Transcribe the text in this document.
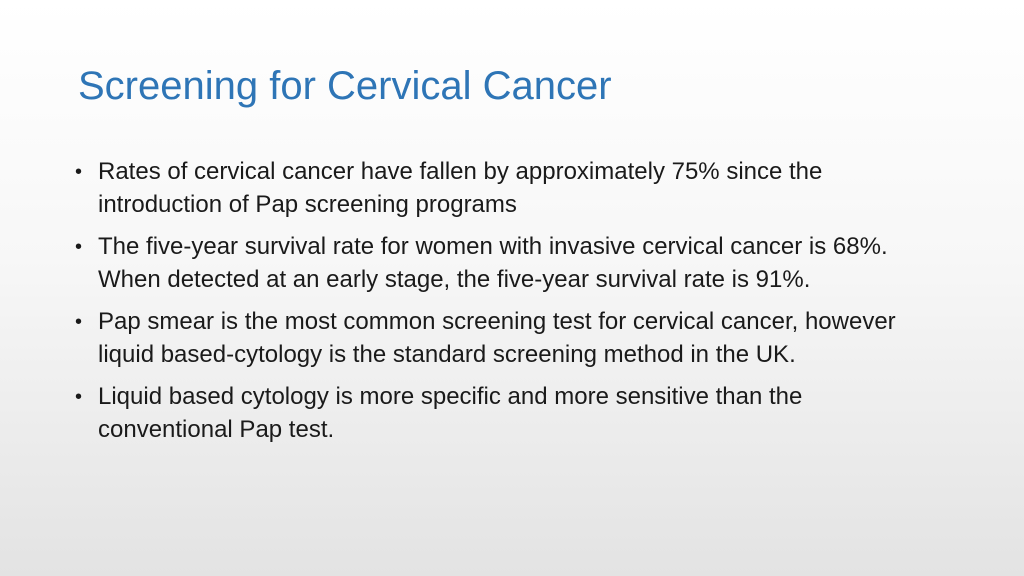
Screening for Cervical Cancer
• Rates of cervical cancer have fallen by approximately 75% since the introduction of Pap screening programs
• The five-year survival rate for women with invasive cervical cancer is 68%. When detected at an early stage, the five-year survival rate is 91%.
• Pap smear is the most common screening test for cervical cancer, however liquid based-cytology is the standard screening method in the UK.
• Liquid based cytology is more specific and more sensitive than the conventional Pap test.
